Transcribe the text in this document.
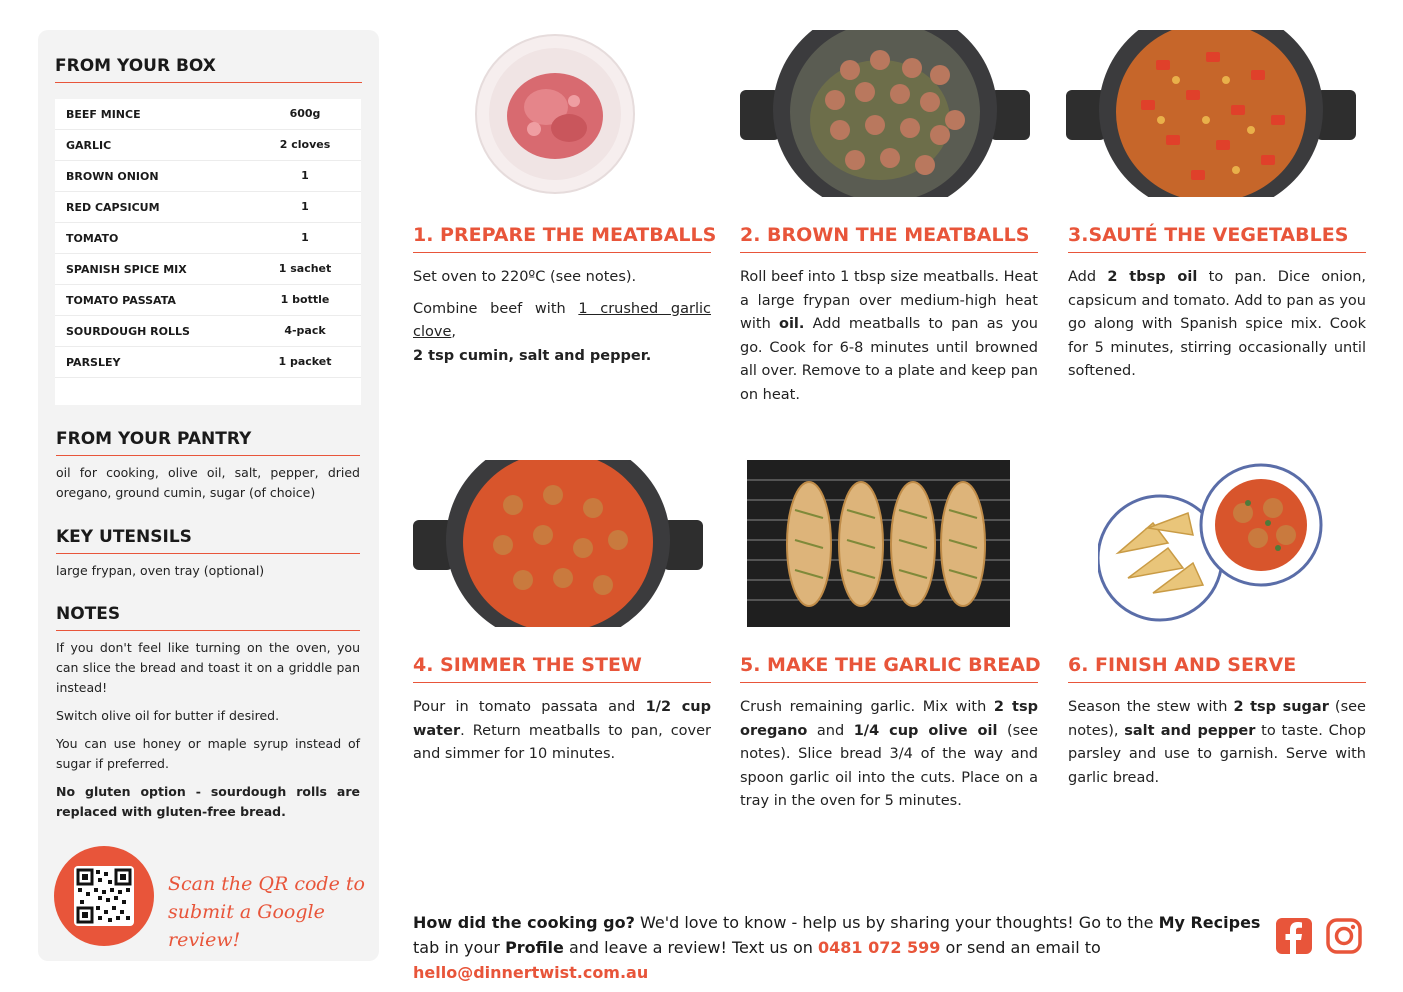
FROM YOUR BOX
BEEF MINCE	600g
GARLIC	2 cloves
BROWN ONION	1
RED CAPSICUM	1
TOMATO	1
SPANISH SPICE MIX	1 sachet
TOMATO PASSATA	1 bottle
SOURDOUGH ROLLS	4-pack
PARSLEY	1 packet
FROM YOUR PANTRY
oil for cooking, olive oil, salt, pepper, dried oregano, ground cumin, sugar (of choice)
KEY UTENSILS
large frypan, oven tray (optional)
NOTES
If you don't feel like turning on the oven, you can slice the bread and toast it on a griddle pan instead!
Switch olive oil for butter if desired.
You can use honey or maple syrup instead of sugar if preferred.
No gluten option - sourdough rolls are replaced with gluten-free bread.
Scan the QR code to
submit a Google review!
1. PREPARE THE MEATBALLS

Set oven to 220ºC (see notes).

Combine beef with 1 crushed garlic clove,
2 tsp cumin, salt and pepper.

2. BROWN THE MEATBALLS
Roll beef into 1 tbsp size meatballs. Heat a large frypan over medium-high heat with oil. Add meatballs to pan as you go. Cook for 6-8 minutes until browned all over. Remove to a plate and keep pan on heat.
3.SAUTÉ THE VEGETABLES
Add 2 tbsp oil to pan. Dice onion, capsicum and tomato. Add to pan as you go along with Spanish spice mix. Cook for 5 minutes, stirring occasionally until softened.
4. SIMMER THE STEW
Pour in tomato passata and 1/2 cup water. Return meatballs to pan, cover and simmer for 10 minutes.
5. MAKE THE GARLIC BREAD
Crush remaining garlic. Mix with 2 tsp oregano and 1/4 cup olive oil (see notes). Slice bread 3/4 of the way and spoon garlic oil into the cuts. Place on a tray in the oven for 5 minutes.
6. FINISH AND SERVE
Season the stew with 2 tsp sugar (see notes), salt and pepper to taste. Chop parsley and use to garnish. Serve with garlic bread.
How did the cooking go? We'd love to know - help us by sharing your thoughts! Go to the My Recipes tab in your Profile and leave a review! Text us on 0481 072 599 or send an email to hello@dinnertwist.com.au
